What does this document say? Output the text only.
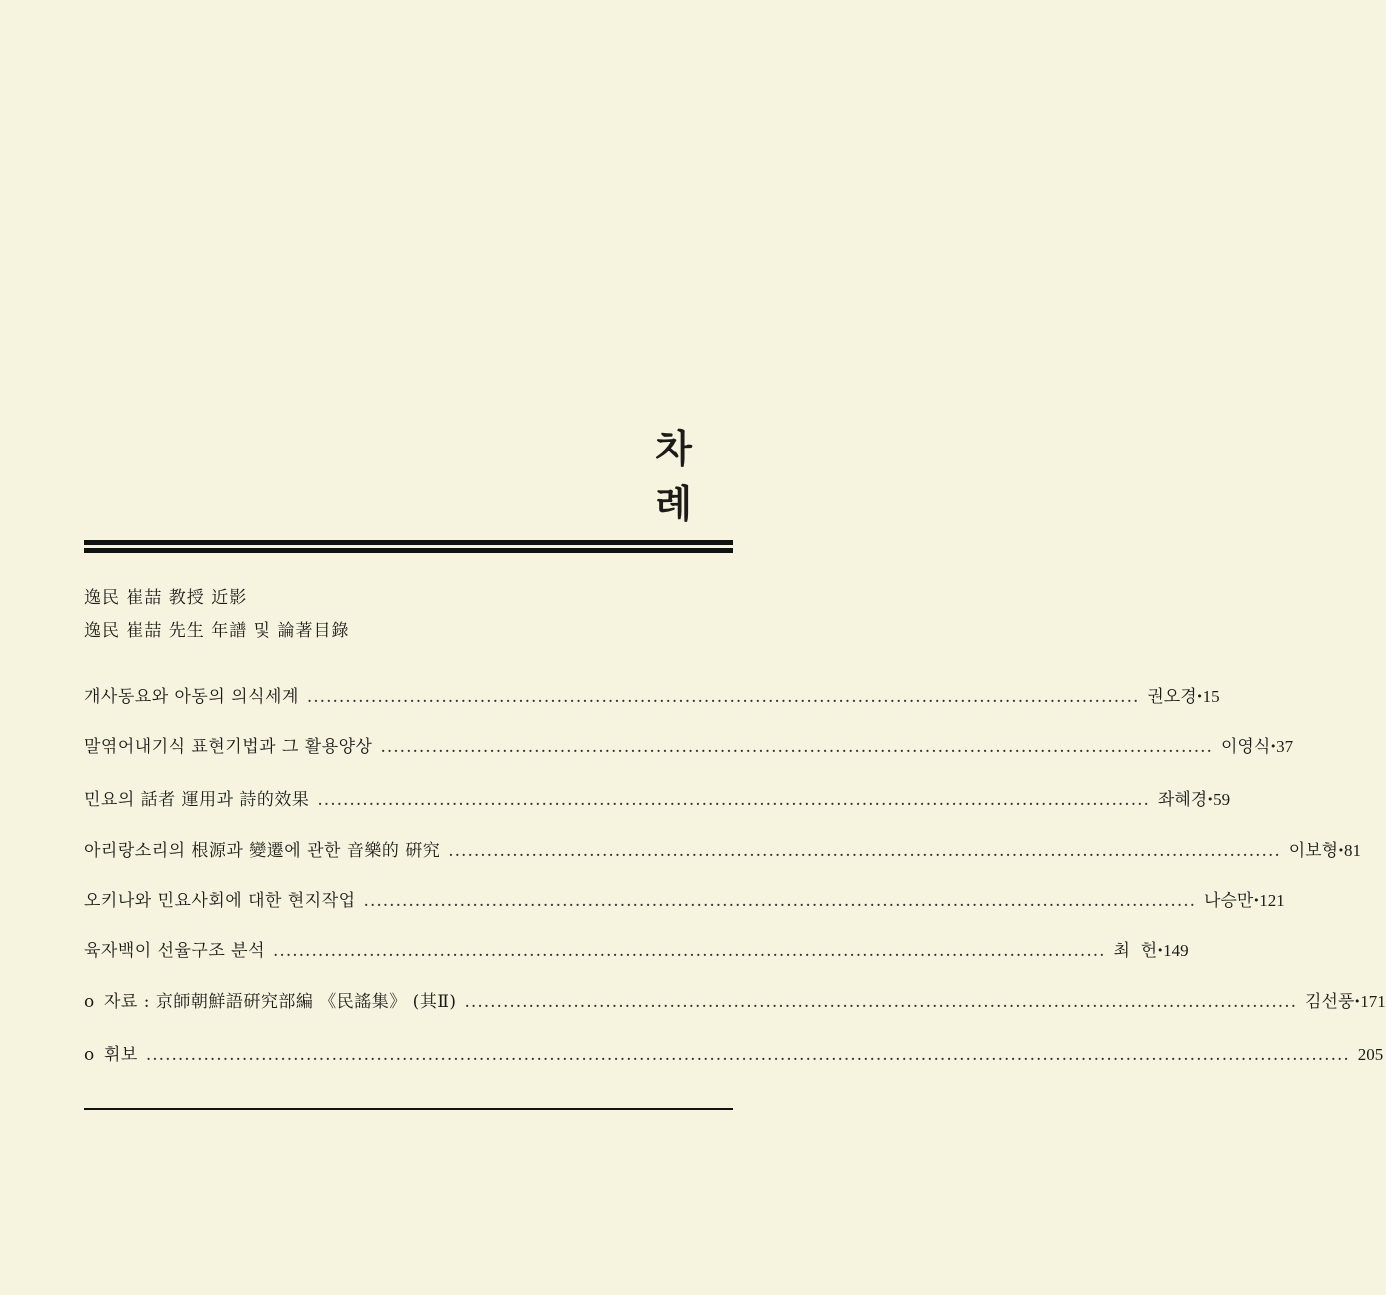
차 례
逸民 崔喆 教授 近影
逸民 崔喆 先生 年譜 및 論著目錄
개사동요와 아동의 의식세계 .................................................................................................................................. 권오경 · 15
말엮어내기식 표현기법과 그 활용양상 .................................................................................................................................. 이영식 · 37
민요의 話者 運用과 詩的效果 .................................................................................................................................. 좌혜경 · 59
아리랑소리의 根源과 變遷에 관한 音樂的 硏究 .................................................................................................................................. 이보형 · 81
오키나와 민요사회에 대한 현지작업 .................................................................................................................................. 나승만 · 121
육자백이 선율구조 분석 .................................................................................................................................. 최  헌 · 149
o 자료 : 京師朝鮮語硏究部編 《民謠集》 (其Ⅱ) .................................................................................................................................. 김선풍 · 171
o 휘보 ............................................................................................................................................................................................ 205
